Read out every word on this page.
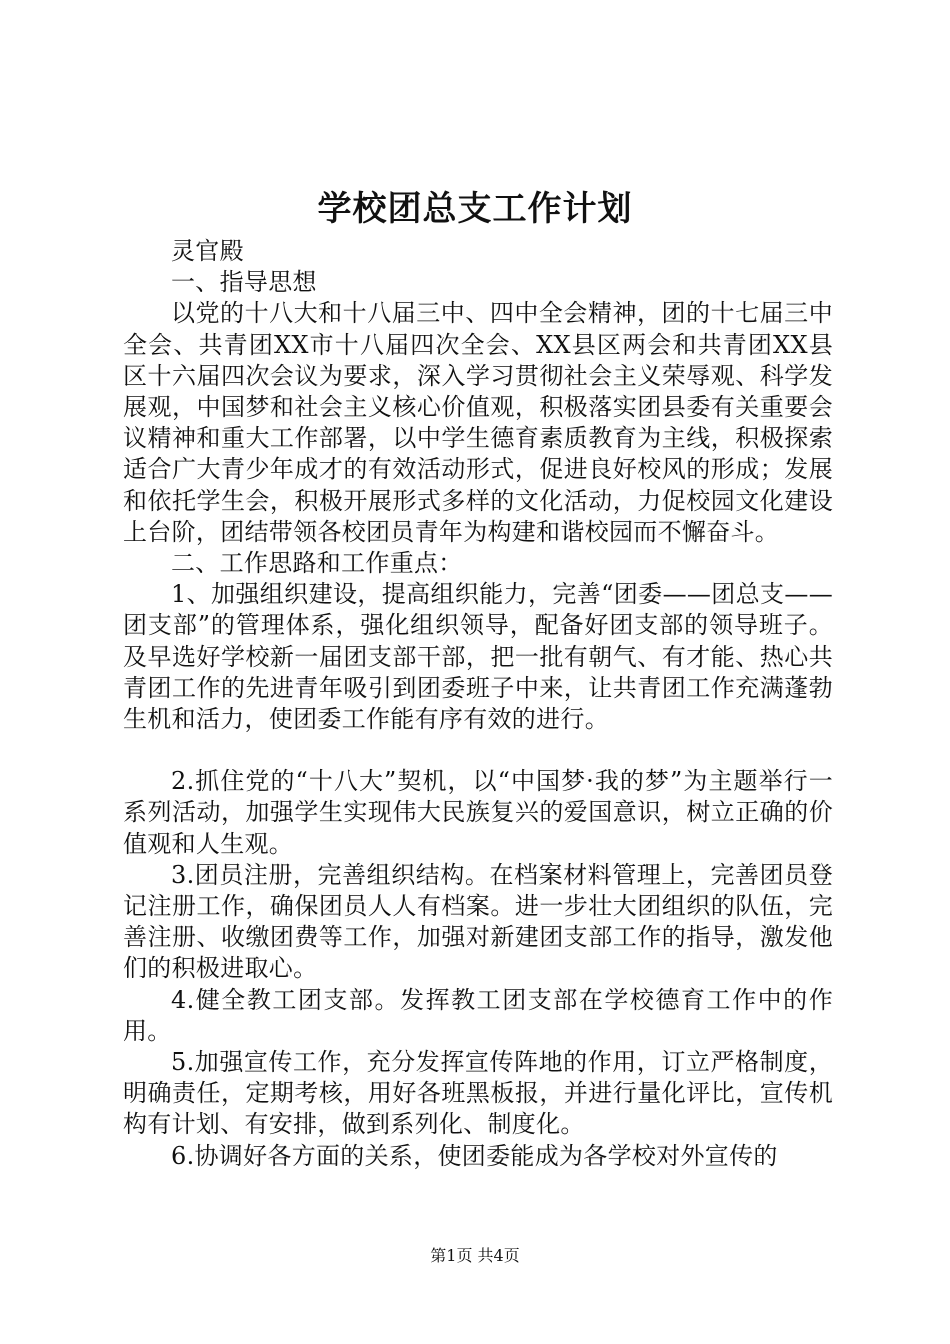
学校团总支工作计划

灵官殿

一、指导思想

以党的十八大和十八届三中、四中全会精神，团的十七届三中全会、共青团XX市十八届四次全会、XX县区两会和共青团XX县区十六届四次会议为要求，深入学习贯彻社会主义荣辱观、科学发展观，中国梦和社会主义核心价值观，积极落实团县委有关重要会议精神和重大工作部署，以中学生德育素质教育为主线，积极探索适合广大青少年成才的有效活动形式，促进良好校风的形成；发展和依托学生会，积极开展形式多样的文化活动，力促校园文化建设上台阶，团结带领各校团员青年为构建和谐校园而不懈奋斗。

二、工作思路和工作重点：

1、加强组织建设，提高组织能力，完善“团委——团总支——团支部”的管理体系，强化组织领导，配备好团支部的领导班子。及早选好学校新一届团支部干部，把一批有朝气、有才能、热心共青团工作的先进青年吸引到团委班子中来，让共青团工作充满蓬勃生机和活力，使团委工作能有序有效的进行。

2.抓住党的“十八大”契机，以“中国梦·我的梦”为主题举行一系列活动，加强学生实现伟大民族复兴的爱国意识，树立正确的价值观和人生观。

3.团员注册，完善组织结构。在档案材料管理上，完善团员登记注册工作，确保团员人人有档案。进一步壮大团组织的队伍，完善注册、收缴团费等工作，加强对新建团支部工作的指导，激发他们的积极进取心。

4.健全教工团支部。发挥教工团支部在学校德育工作中的作用。

5.加强宣传工作，充分发挥宣传阵地的作用，订立严格制度，明确责任，定期考核，用好各班黑板报，并进行量化评比，宣传机构有计划、有安排，做到系列化、制度化。

6.协调好各方面的关系，使团委能成为各学校对外宣传的

第1页 共4页
